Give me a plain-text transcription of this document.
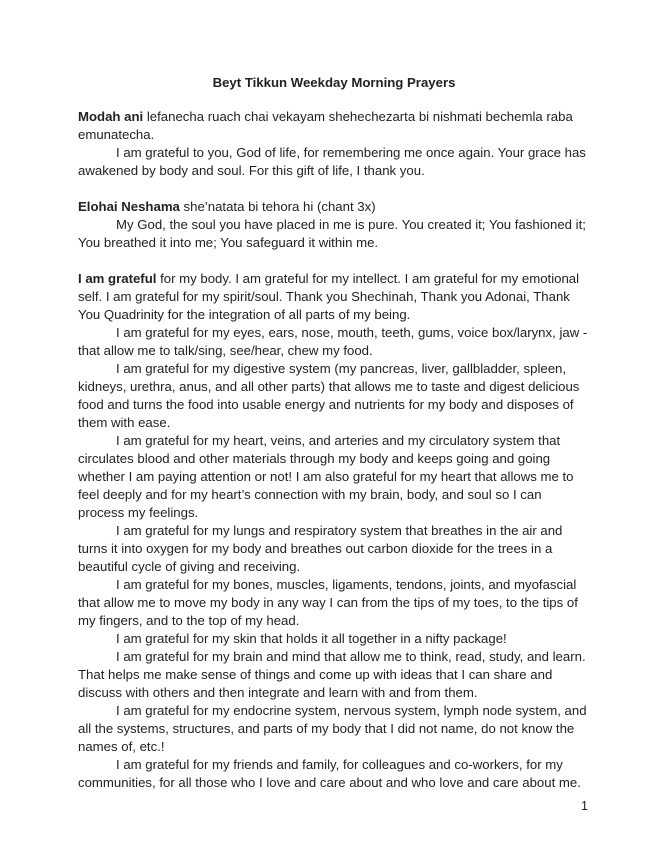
Beyt Tikkun Weekday Morning Prayers

Modah ani lefanecha ruach chai vekayam shehechezarta bi nishmati bechemla raba emunatecha.

I am grateful to you, God of life, for remembering me once again. Your grace has awakened by body and soul. For this gift of life, I thank you.

Elohai Neshama she’natata bi tehora hi (chant 3x)

My God, the soul you have placed in me is pure. You created it; You fashioned it; You breathed it into me; You safeguard it within me.

I am grateful for my body. I am grateful for my intellect. I am grateful for my emotional self. I am grateful for my spirit/soul. Thank you Shechinah, Thank you Adonai, Thank You Quadrinity for the integration of all parts of my being.

I am grateful for my eyes, ears, nose, mouth, teeth, gums, voice box/larynx, jaw - that allow me to talk/sing, see/hear, chew my food.

I am grateful for my digestive system (my pancreas, liver, gallbladder, spleen, kidneys, urethra, anus, and all other parts) that allows me to taste and digest delicious food and turns the food into usable energy and nutrients for my body and disposes of them with ease.

I am grateful for my heart, veins, and arteries and my circulatory system that circulates blood and other materials through my body and keeps going and going whether I am paying attention or not! I am also grateful for my heart that allows me to feel deeply and for my heart’s connection with my brain, body, and soul so I can process my feelings.

I am grateful for my lungs and respiratory system that breathes in the air and turns it into oxygen for my body and breathes out carbon dioxide for the trees in a beautiful cycle of giving and receiving.

I am grateful for my bones, muscles, ligaments, tendons, joints, and myofascial that allow me to move my body in any way I can from the tips of my toes, to the tips of my fingers, and to the top of my head.

I am grateful for my skin that holds it all together in a nifty package!

I am grateful for my brain and mind that allow me to think, read, study, and learn. That helps me make sense of things and come up with ideas that I can share and discuss with others and then integrate and learn with and from them.

I am grateful for my endocrine system, nervous system, lymph node system, and all the systems, structures, and parts of my body that I did not name, do not know the names of, etc.!

I am grateful for my friends and family, for colleagues and co-workers, for my communities, for all those who I love and care about and who love and care about me.

1
